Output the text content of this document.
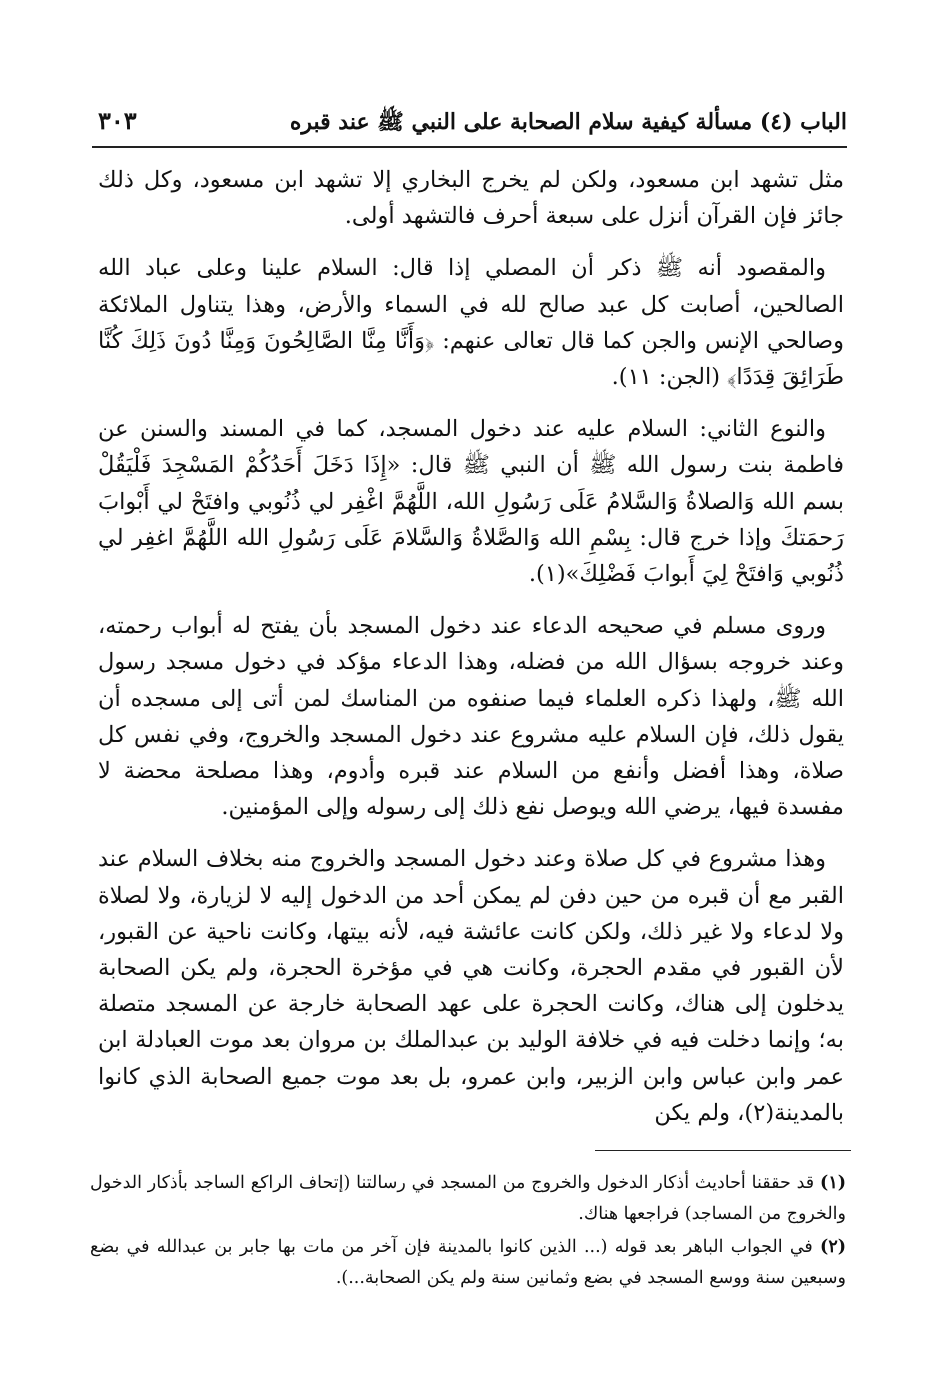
الباب (٤) مسألة كيفية سلام الصحابة على النبي ﷺ عند قبره
٣٠٣

مثل تشهد ابن مسعود، ولكن لم يخرج البخاري إلا تشهد ابن مسعود، وكل ذلك جائز فإن القرآن أنزل على سبعة أحرف فالتشهد أولى.

والمقصود أنه ﷺ ذكر أن المصلي إذا قال: السلام علينا وعلى عباد الله الصالحين، أصابت كل عبد صالح لله في السماء والأرض، وهذا يتناول الملائكة وصالحي الإنس والجن كما قال تعالى عنهم: ﴿وَأَنَّا مِنَّا الصَّالِحُونَ وَمِنَّا دُونَ ذَلِكَ كُنَّا طَرَائِقَ قِدَدًا﴾ (الجن: ١١).

والنوع الثاني: السلام عليه عند دخول المسجد، كما في المسند والسنن عن فاطمة بنت رسول الله ﷺ أن النبي ﷺ قال: «إِذَا دَخَلَ أَحَدُكُمْ المَسْجِدَ فَلْيَقُلْ بسم الله وَالصلاةُ وَالسَّلامُ عَلَى رَسُولِ الله، اللَّهُمَّ اغْفِر لي ذُنُوبي وافتَحْ لي أَبْوابَ رَحمَتكَ وإذا خرج قال: بِسْمِ الله وَالصَّلاةُ وَالسَّلامَ عَلَى رَسُولِ الله اللَّهُمَّ اغفِر لي ذُنُوبي وَافتَحْ لِيَ أَبوابَ فَضْلِكَ»(١).

وروى مسلم في صحيحه الدعاء عند دخول المسجد بأن يفتح له أبواب رحمته، وعند خروجه بسؤال الله من فضله، وهذا الدعاء مؤكد في دخول مسجد رسول الله ﷺ، ولهذا ذكره العلماء فيما صنفوه من المناسك لمن أتى إلى مسجده أن يقول ذلك، فإن السلام عليه مشروع عند دخول المسجد والخروج، وفي نفس كل صلاة، وهذا أفضل وأنفع من السلام عند قبره وأدوم، وهذا مصلحة محضة لا مفسدة فيها، يرضي الله ويوصل نفع ذلك إلى رسوله وإلى المؤمنين.

وهذا مشروع في كل صلاة وعند دخول المسجد والخروج منه بخلاف السلام عند القبر مع أن قبره من حين دفن لم يمكن أحد من الدخول إليه لا لزيارة، ولا لصلاة ولا لدعاء ولا غير ذلك، ولكن كانت عائشة فيه، لأنه بيتها، وكانت ناحية عن القبور، لأن القبور في مقدم الحجرة، وكانت هي في مؤخرة الحجرة، ولم يكن الصحابة يدخلون إلى هناك، وكانت الحجرة على عهد الصحابة خارجة عن المسجد متصلة به؛ وإنما دخلت فيه في خلافة الوليد بن عبدالملك بن مروان بعد موت العبادلة ابن عمر وابن عباس وابن الزبير، وابن عمرو، بل بعد موت جميع الصحابة الذي كانوا بالمدينة(٢)، ولم يكن

(١) قد حققنا أحاديث أذكار الدخول والخروج من المسجد في رسالتنا (إتحاف الراكع الساجد بأذكار الدخول والخروج من المساجد) فراجعها هناك.

(٢) في الجواب الباهر بعد قوله (... الذين كانوا بالمدينة فإن آخر من مات بها جابر بن عبدالله في بضع وسبعين سنة ووسع المسجد في بضع وثمانين سنة ولم يكن الصحابة...).
